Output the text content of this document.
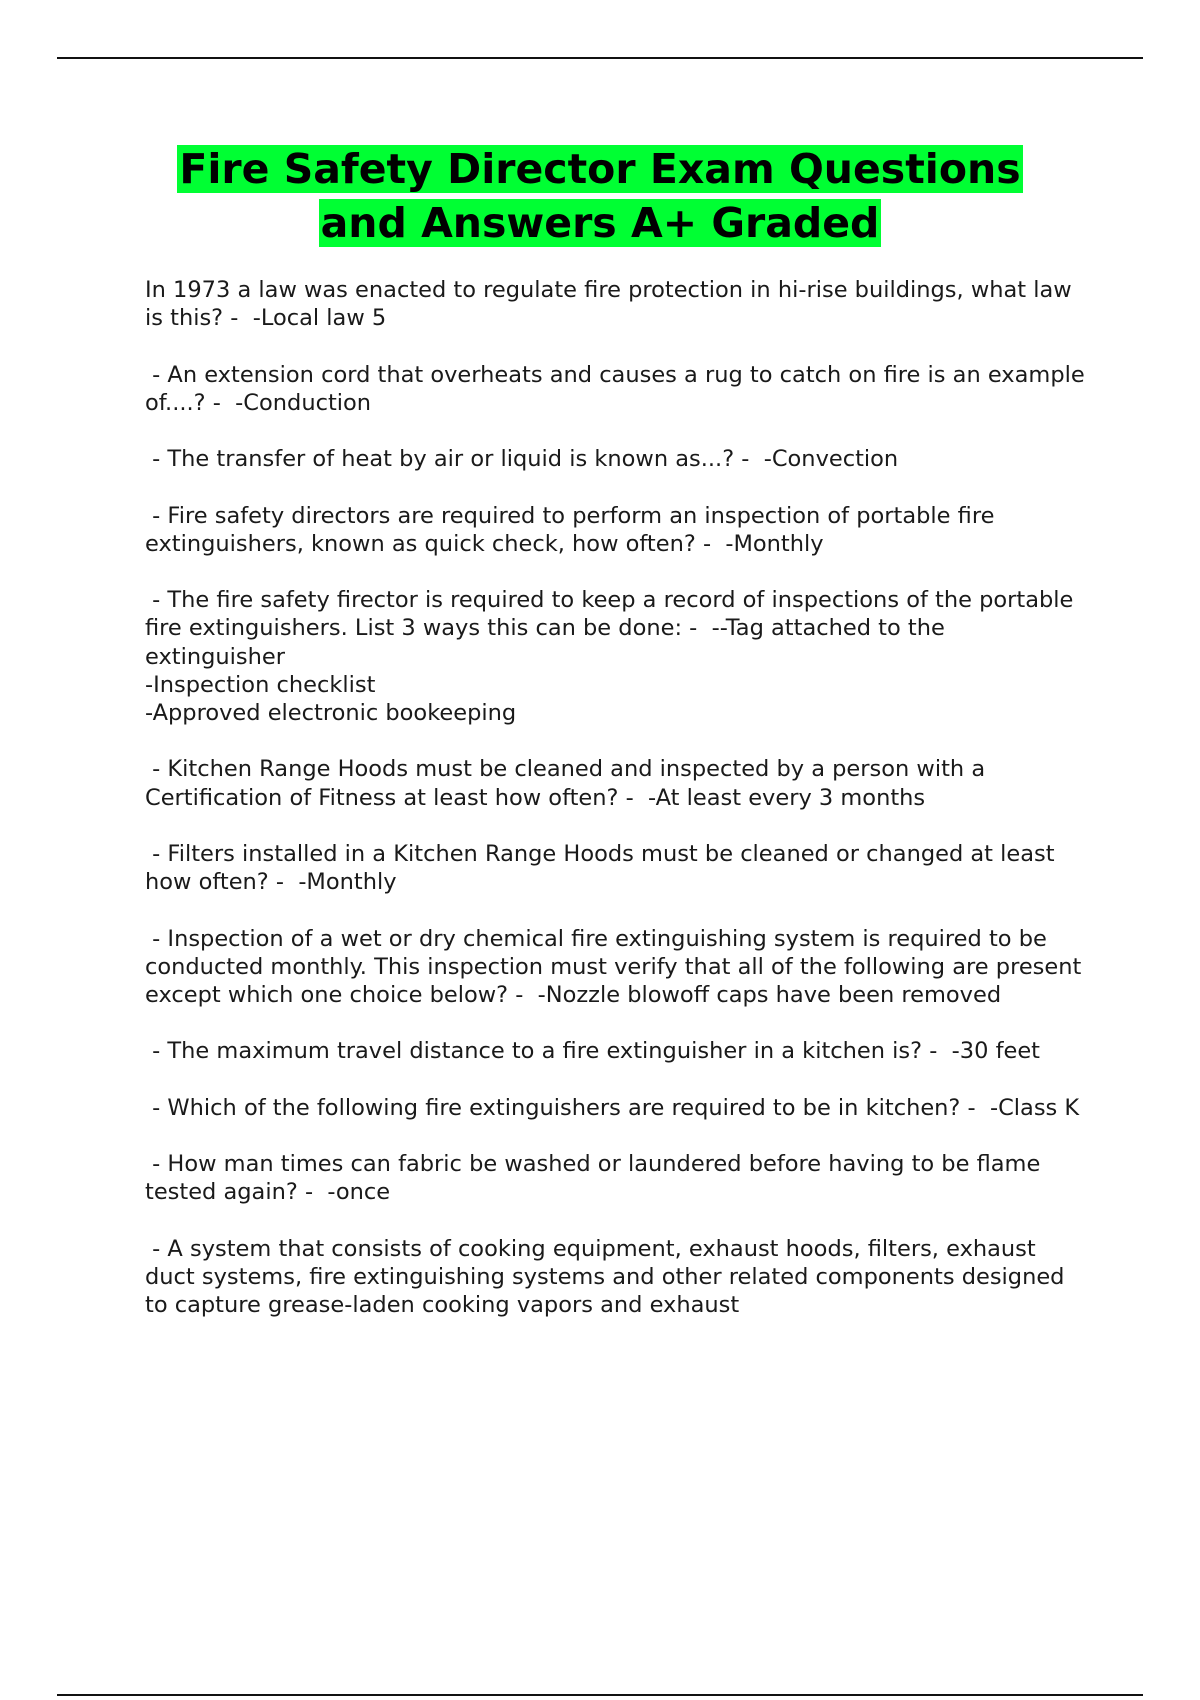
Fire Safety Director Exam Questions
and Answers A+ Graded

In 1973 a law was enacted to regulate fire protection in hi-rise buildings, what law is this? -  -Local law 5

- An extension cord that overheats and causes a rug to catch on fire is an example of....? -  -Conduction

- The transfer of heat by air or liquid is known as...? -  -Convection

- Fire safety directors are required to perform an inspection of portable fire extinguishers, known as quick check, how often? -  -Monthly

- The fire safety firector is required to keep a record of inspections of the portable fire extinguishers. List 3 ways this can be done: -  --Tag attached to the extinguisher
-Inspection checklist
-Approved electronic bookeeping

- Kitchen Range Hoods must be cleaned and inspected by a person with a Certification of Fitness at least how often? -  -At least every 3 months

- Filters installed in a Kitchen Range Hoods must be cleaned or changed at least how often? -  -Monthly

- Inspection of a wet or dry chemical fire extinguishing system is required to be conducted monthly. This inspection must verify that all of the following are present except which one choice below? -  -Nozzle blowoff caps have been removed

- The maximum travel distance to a fire extinguisher in a kitchen is? -  -30 feet

- Which of the following fire extinguishers are required to be in kitchen? -  -Class K

- How man times can fabric be washed or laundered before having to be flame tested again? -  -once

- A system that consists of cooking equipment, exhaust hoods, filters, exhaust duct systems, fire extinguishing systems and other related components designed to capture grease-laden cooking vapors and exhaust
